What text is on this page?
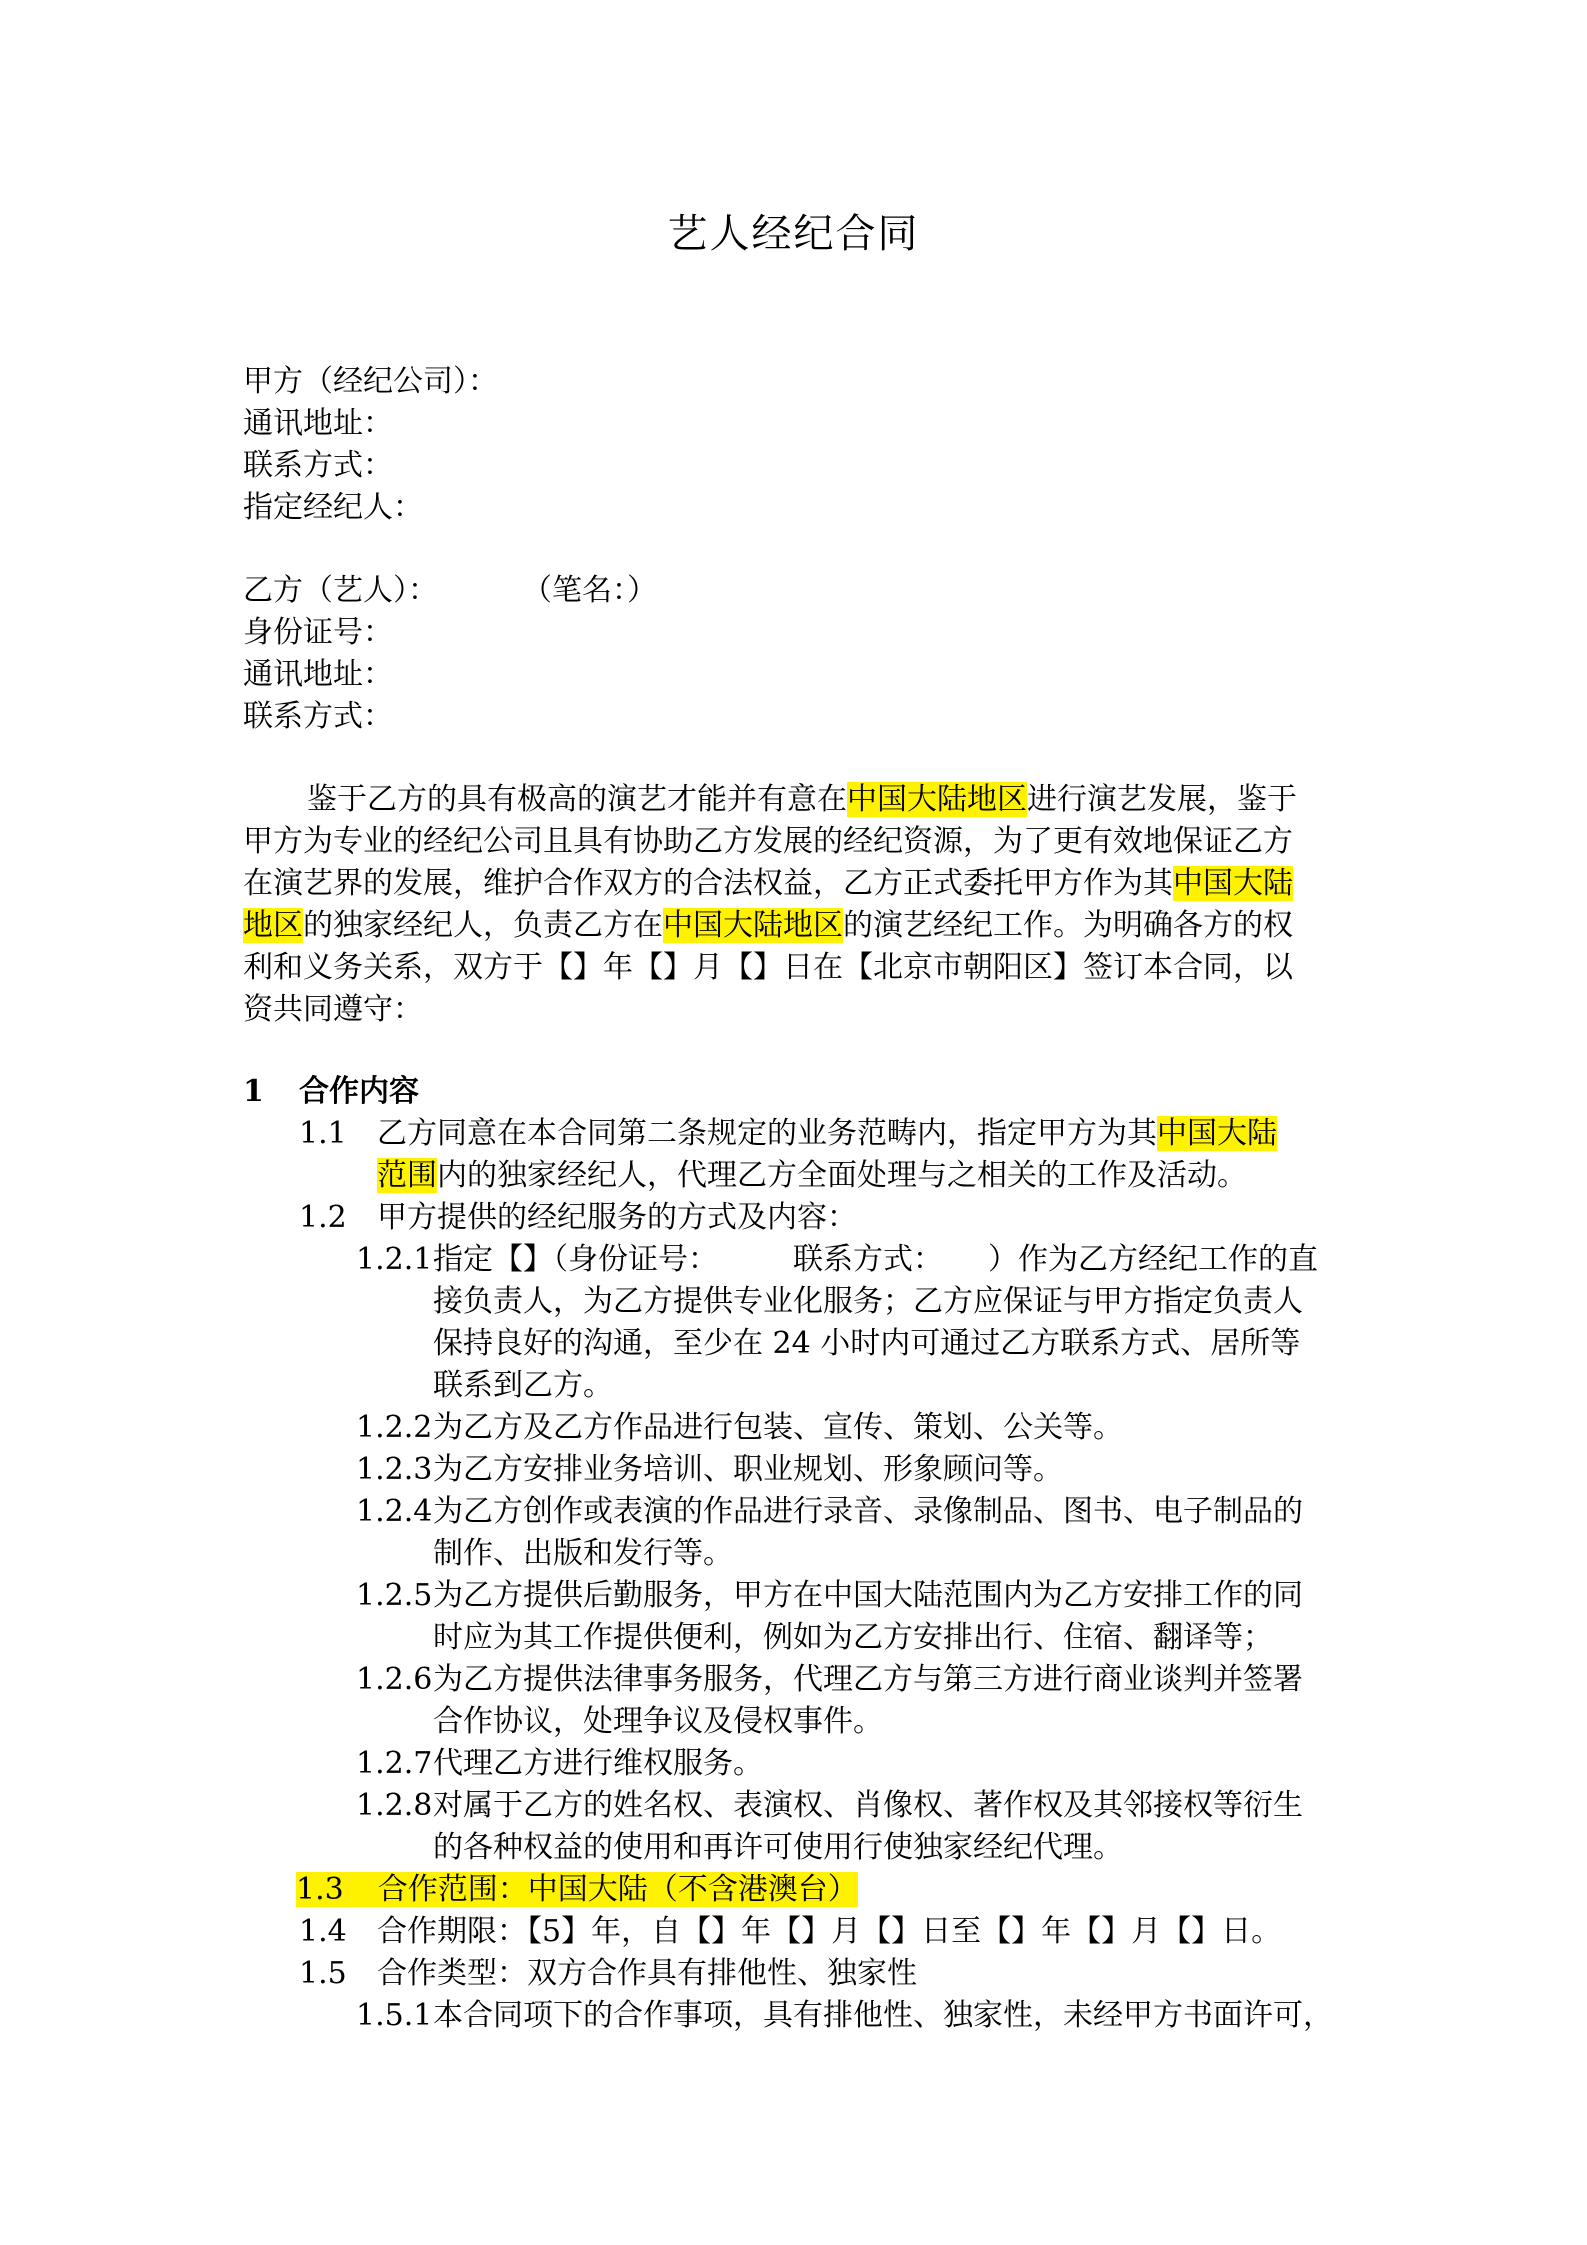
艺人经纪合同
甲方（经纪公司）：
通讯地址：
联系方式：
指定经纪人：
乙方（艺人）：	（笔名：）
身份证号：
通讯地址：
联系方式：
鉴于乙方的具有极高的演艺才能并有意在中国大陆地区进行演艺发展，鉴于
甲方为专业的经纪公司且具有协助乙方发展的经纪资源，为了更有效地保证乙方
在演艺界的发展，维护合作双方的合法权益，乙方正式委托甲方作为其中国大陆
地区的独家经纪人，负责乙方在中国大陆地区的演艺经纪工作。为明确各方的权
利和义务关系，双方于【】年【】月【】日在【北京市朝阳区】签订本合同，以
资共同遵守：
1 合作内容
1.1 乙方同意在本合同第二条规定的业务范畴内，指定甲方为其中国大陆
范围内的独家经纪人，代理乙方全面处理与之相关的工作及活动。
1.2 甲方提供的经纪服务的方式及内容：
1.2.1 指定【】（身份证号：　　　联系方式：　　）作为乙方经纪工作的直
接负责人，为乙方提供专业化服务；乙方应保证与甲方指定负责人
保持良好的沟通，至少在 24 小时内可通过乙方联系方式、居所等
联系到乙方。
1.2.2 为乙方及乙方作品进行包装、宣传、策划、公关等。
1.2.3 为乙方安排业务培训、职业规划、形象顾问等。
1.2.4 为乙方创作或表演的作品进行录音、录像制品、图书、电子制品的
制作、出版和发行等。
1.2.5 为乙方提供后勤服务，甲方在中国大陆范围内为乙方安排工作的同
时应为其工作提供便利，例如为乙方安排出行、住宿、翻译等；
1.2.6 为乙方提供法律事务服务，代理乙方与第三方进行商业谈判并签署
合作协议，处理争议及侵权事件。
1.2.7 代理乙方进行维权服务。
1.2.8 对属于乙方的姓名权、表演权、肖像权、著作权及其邻接权等衍生
的各种权益的使用和再许可使用行使独家经纪代理。
1.3 合作范围：中国大陆（不含港澳台）
1.4 合作期限：【5】年，自【】年【】月【】日至【】年【】月【】日。
1.5 合作类型：双方合作具有排他性、独家性
1.5.1 本合同项下的合作事项，具有排他性、独家性，未经甲方书面许可，
